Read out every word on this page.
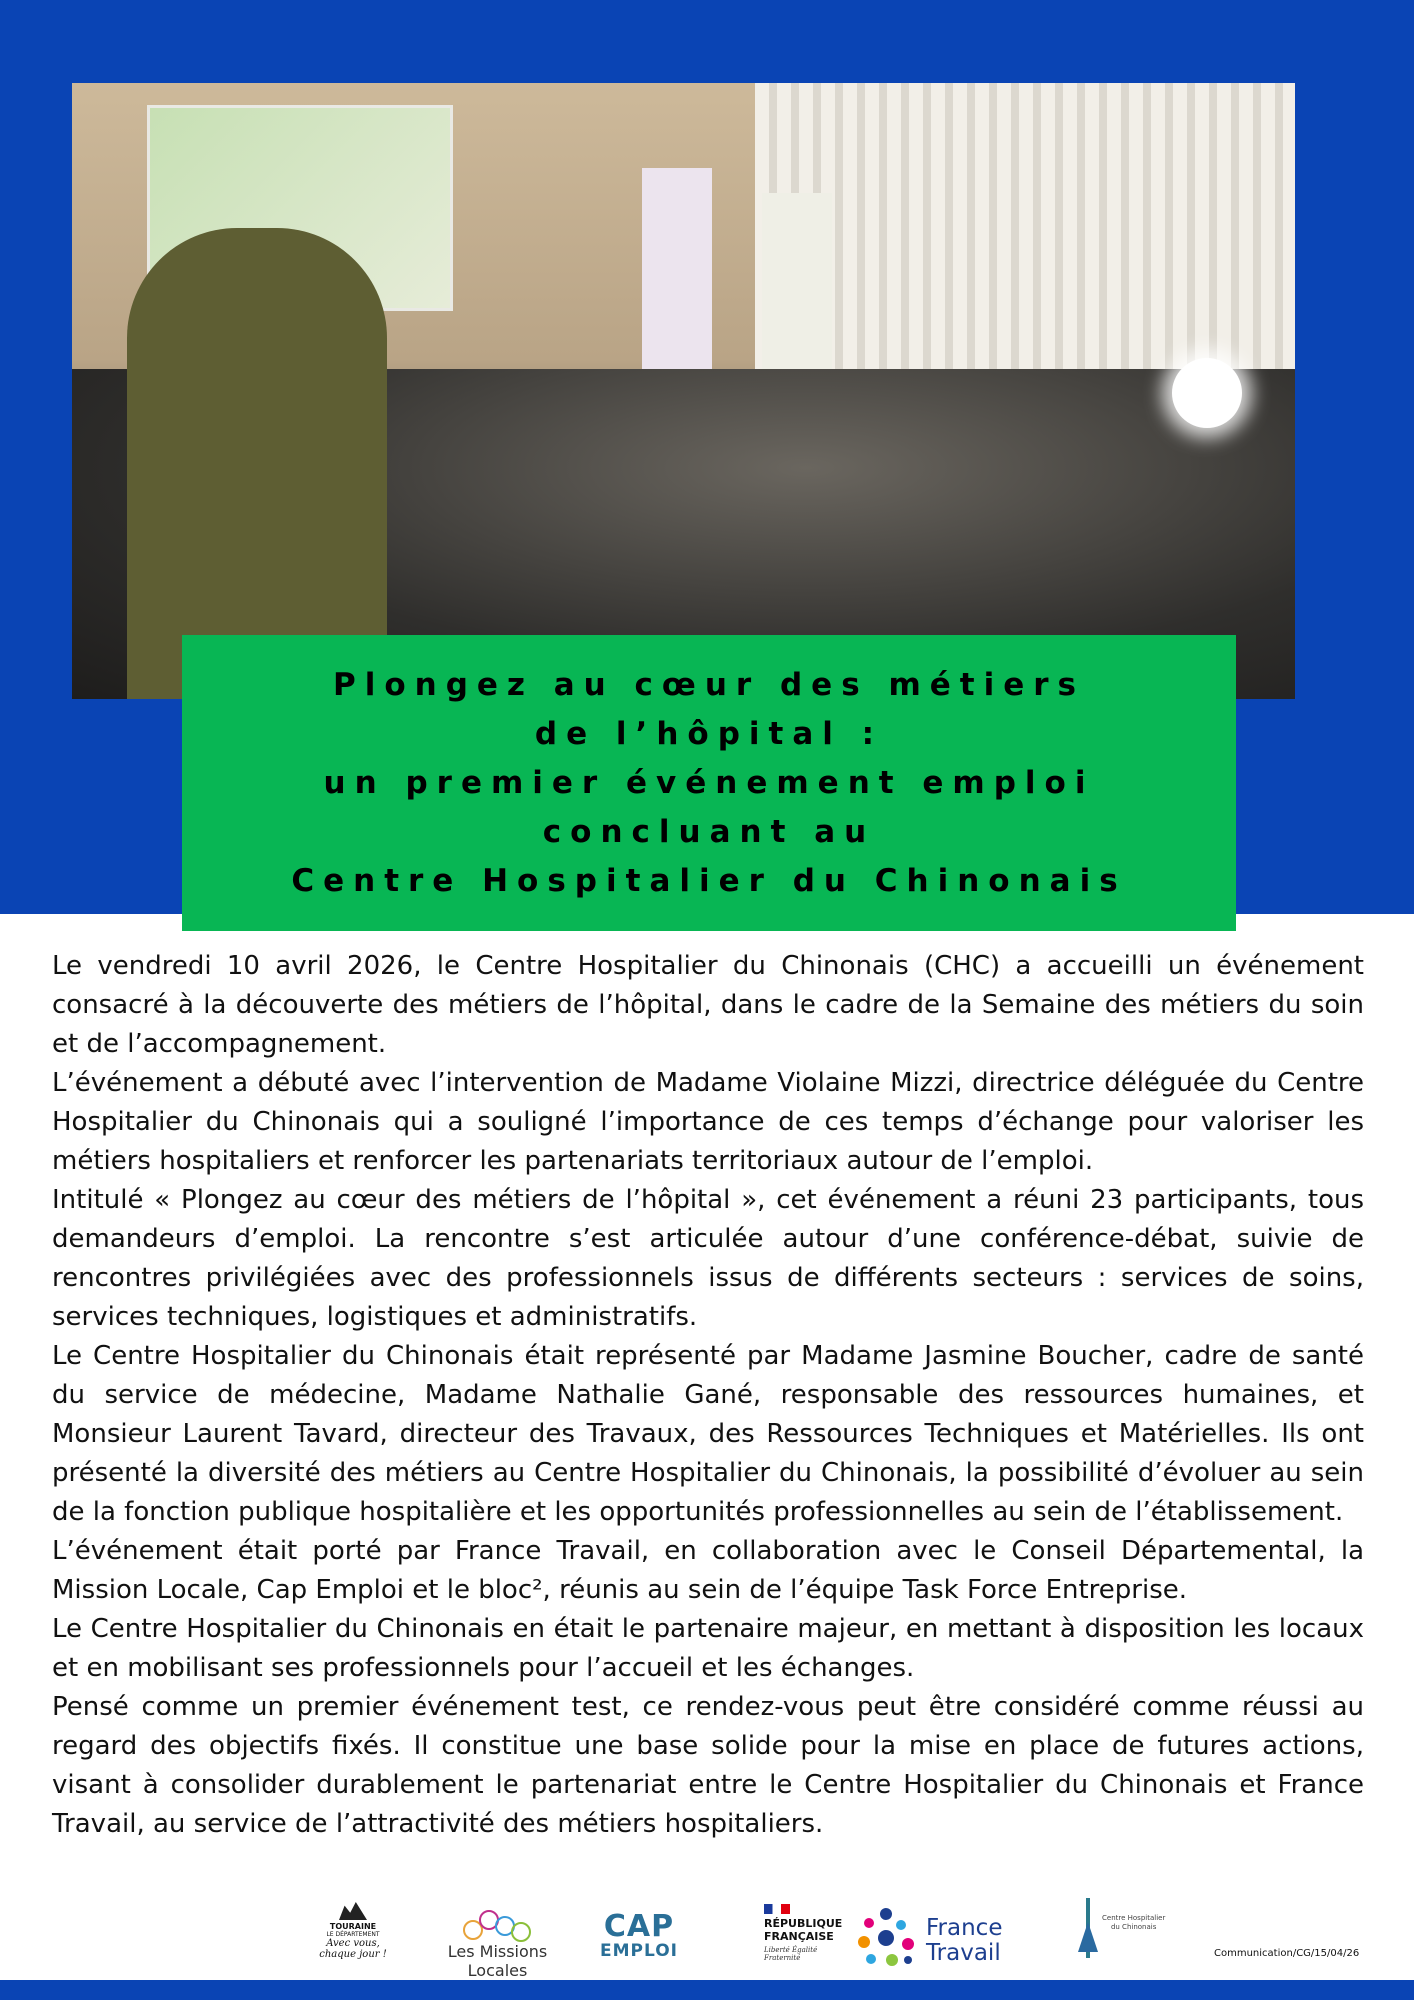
Plongez au cœur des métiers
de l’hôpital :
un premier événement emploi
concluant au
Centre Hospitalier du Chinonais

Le vendredi 10 avril 2026, le Centre Hospitalier du Chinonais (CHC) a accueilli un événement consacré à la découverte des métiers de l’hôpital, dans le cadre de la Semaine des métiers du soin et de l’accompagnement.

L’événement a débuté avec l’intervention de Madame Violaine Mizzi, directrice déléguée du Centre Hospitalier du Chinonais qui a souligné l’importance de ces temps d’échange pour valoriser les métiers hospitaliers et renforcer les partenariats territoriaux autour de l’emploi.

Intitulé « Plongez au cœur des métiers de l’hôpital », cet événement a réuni 23 participants, tous demandeurs d’emploi. La rencontre s’est articulée autour d’une conférence-débat, suivie de rencontres privilégiées avec des professionnels issus de différents secteurs : services de soins, services techniques, logistiques et administratifs.

Le Centre Hospitalier du Chinonais était représenté par Madame Jasmine Boucher, cadre de santé du service de médecine, Madame Nathalie Gané, responsable des ressources humaines, et Monsieur Laurent Tavard, directeur des Travaux, des Ressources Techniques et Matérielles. Ils ont présenté la diversité des métiers au Centre Hospitalier du Chinonais, la possibilité d’évoluer au sein de la fonction publique hospitalière et les opportunités professionnelles au sein de l’établissement.

L’événement était porté par France Travail, en collaboration avec le Conseil Départemental, la Mission Locale, Cap Emploi et le bloc², réunis au sein de l’équipe Task Force Entreprise.

Le Centre Hospitalier du Chinonais en était le partenaire majeur, en mettant à disposition les locaux et en mobilisant ses professionnels pour l’accueil et les échanges.

Pensé comme un premier événement test, ce rendez-vous peut être considéré comme réussi au regard des objectifs fixés. Il constitue une base solide pour la mise en place de futures actions, visant à consolider durablement le partenariat entre le Centre Hospitalier du Chinonais et France Travail, au service de l’attractivité des métiers hospitaliers.

TOURAINE
LE DÉPARTEMENT
Avec vous,
chaque jour !	Les Missions Locales
CAP
EMPLOI
RÉPUBLIQUE
FRANÇAISE
Liberté Égalité Fraternité
France
Travail
Centre Hospitalier
du Chinonais
Communication/CG/15/04/26
